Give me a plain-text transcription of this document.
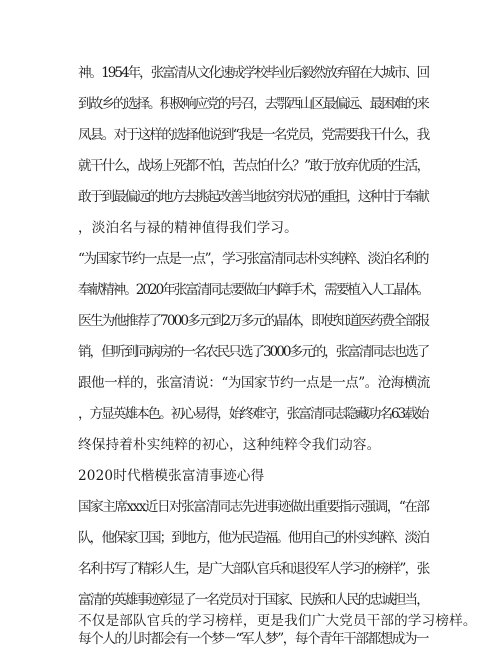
神。1954年，张富清从文化速成学校毕业后毅然放弃留在大城市、回
到故乡的选择。积极响应党的号召，去鄂西山区最偏远、最困难的来
凤县。对于这样的选择他说到“我是一名党员，党需要我干什么，我
就干什么，战场上死都不怕，苦点怕什么？”敢于放弃优质的生活，
敢于到最偏远的地方去挑起改善当地贫穷状况的重担，这种甘于奉献
，淡泊名与禄的精神值得我们学习。
“为国家节约一点是一点”，学习张富清同志朴实纯粹、淡泊名利的
奉献精神。2020年张富清同志要做白内障手术，需要植入人工晶体。
医生为他推荐了7000多元到2万多元的晶体，即使知道医药费全部报
销，但听到同病房的一名农民只选了3000多元的，张富清同志也选了
跟他一样的，张富清说：“为国家节约一点是一点”。沧海横流
，方显英雄本色。初心易得，始终难守，张富清同志隐藏功名63载始
终保持着朴实纯粹的初心，这种纯粹令我们动容。
2020时代楷模张富清事迹心得
国家主席xxx近日对张富清同志先进事迹做出重要指示强调，“在部
队，他保家卫国；到地方，他为民造福。他用自己的朴实纯粹、淡泊
名利书写了精彩人生，是广大部队官兵和退役军人学习的榜样”，张
富清的英雄事迹彰显了一名党员对于国家、民族和人民的忠诚担当，
不仅是部队官兵的学习榜样，更是我们广大党员干部的学习榜样。
每个人的儿时都会有一个梦－“军人梦”，每个青年干部都想成为一
